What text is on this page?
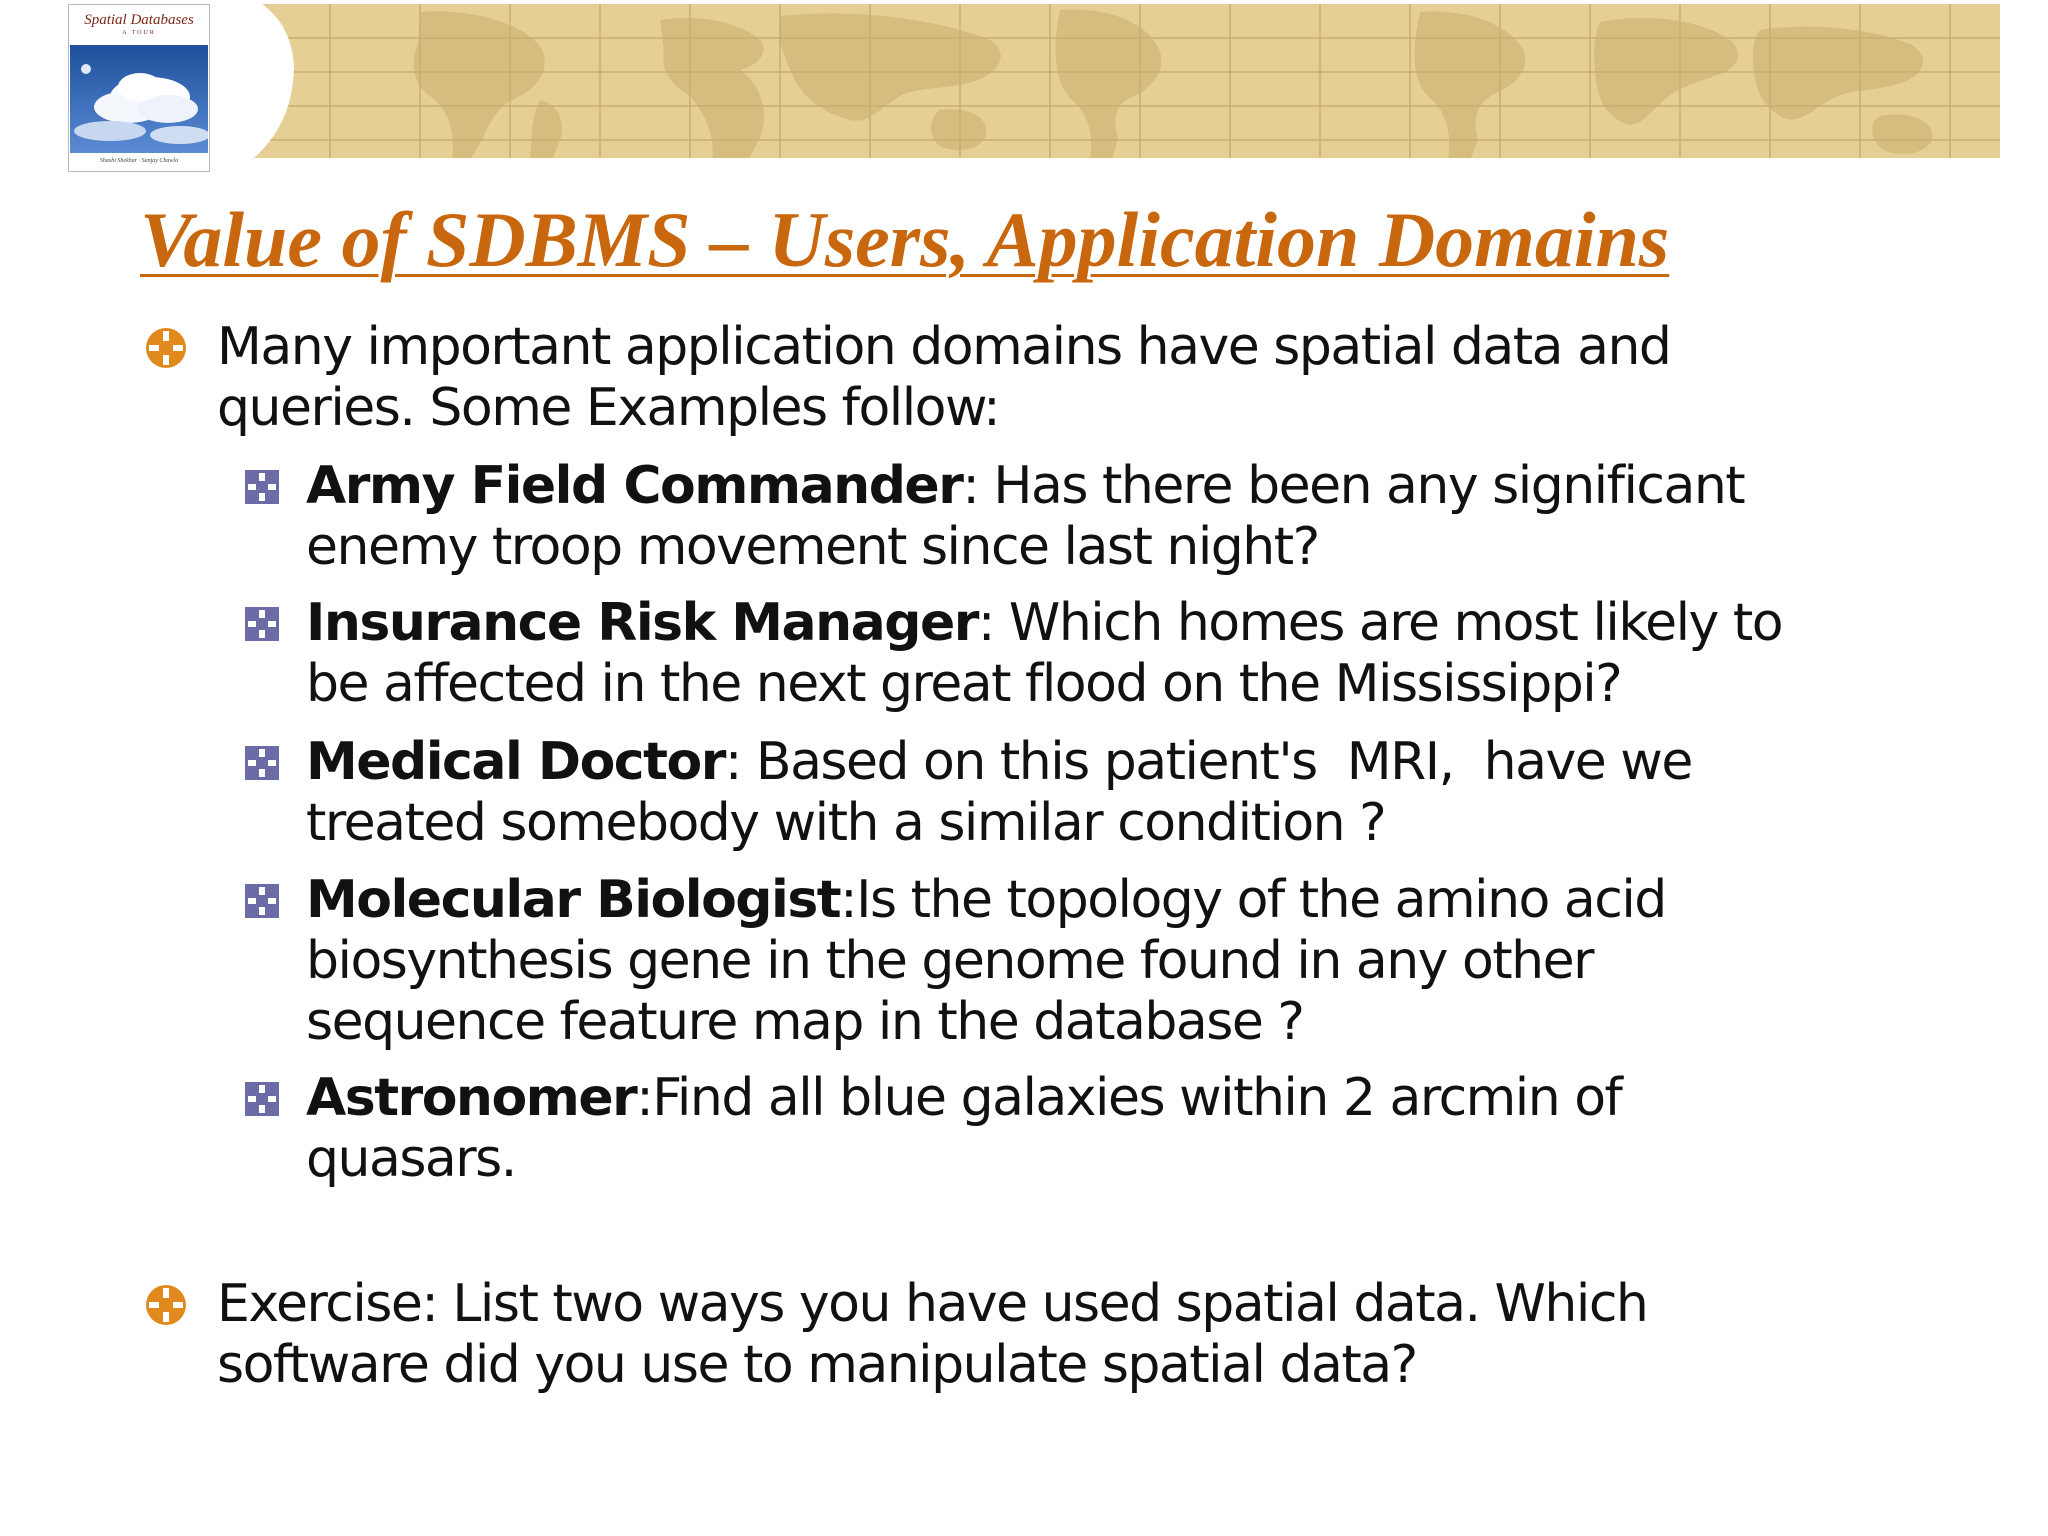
Spatial Databases
A TOUR
Shashi Shekhar · Sanjay Chawla
Value of SDBMS – Users, Application Domains

Many important application domains have spatial data and

queries. Some Examples follow:

Army Field Commander: Has there been any significant

enemy troop movement since last night?

Insurance Risk Manager: Which homes are most likely to

be affected in the next great flood on the Mississippi?

Medical Doctor: Based on this patient's  MRI,  have we

treated somebody with a similar condition ?

Molecular Biologist:Is the topology of the amino acid

biosynthesis gene in the genome found in any other

sequence feature map in the database ?

Astronomer:Find all blue galaxies within 2 arcmin of

quasars.

Exercise: List two ways you have used spatial data. Which

software did you use to manipulate spatial data?
